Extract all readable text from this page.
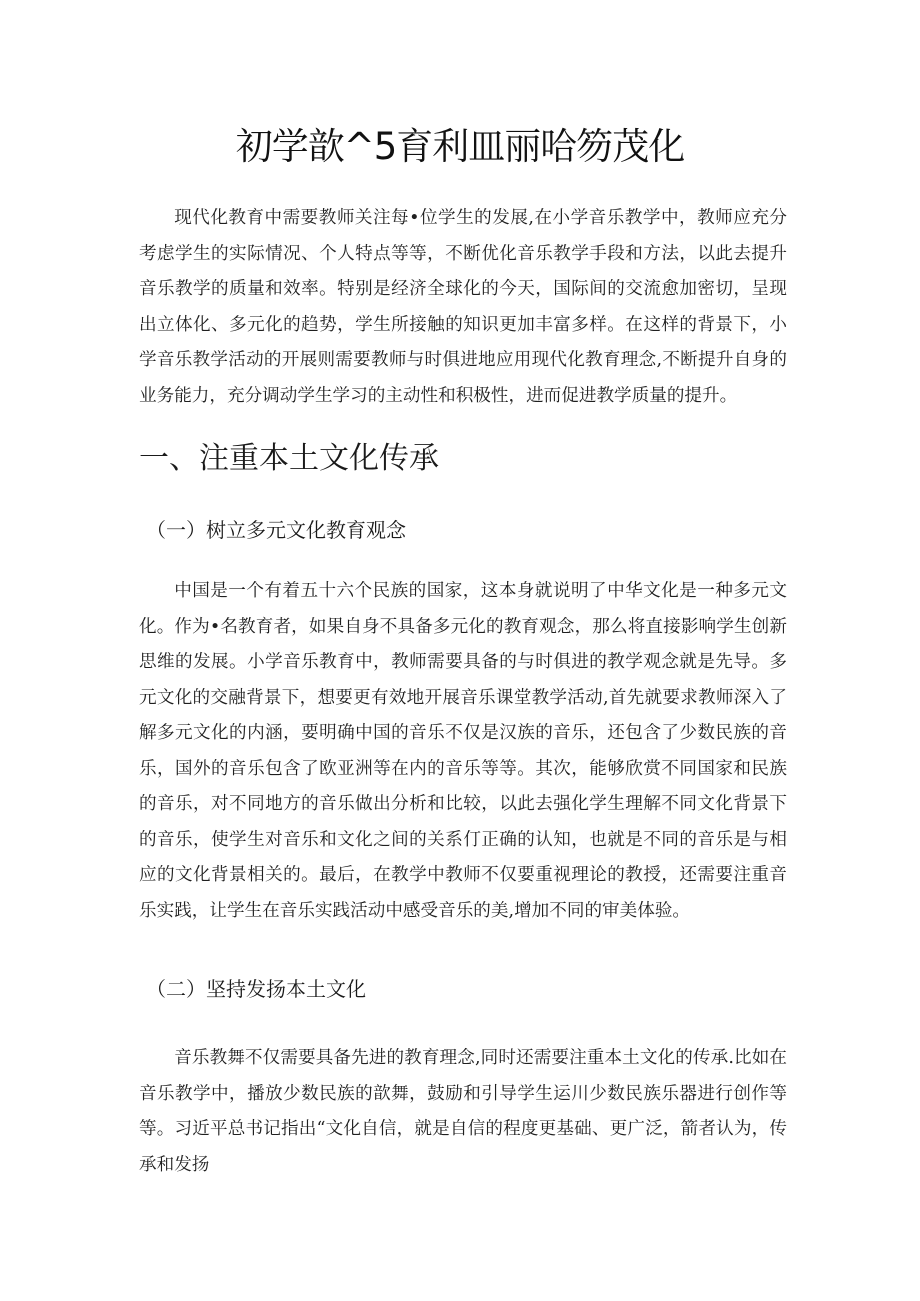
初学歆^5育利皿丽哈笏茂化

现代化教育中需要教师关注每•位学生的发展,在小学音乐教学中，教师应充分考虑学生的实际情况、个人特点等等，不断优化音乐教学手段和方法，以此去提升音乐教学的质量和效率。特别是经济全球化的今天，国际间的交流愈加密切，呈现出立体化、多元化的趋势，学生所接触的知识更加丰富多样。在这样的背景下，小学音乐教学活动的开展则需要教师与时俱进地应用现代化教育理念,不断提升自身的业务能力，充分调动学生学习的主动性和积极性，进而促进教学质量的提升。

一、注重本土文化传承
（一）树立多元文化教育观念

中国是一个有着五十六个民族的国家，这本身就说明了中华文化是一种多元文化。作为•名教育者，如果自身不具备多元化的教育观念，那么将直接影响学生创新思维的发展。小学音乐教育中，教师需要具备的与时俱进的教学观念就是先导。多元文化的交融背景下，想要更有效地开展音乐课堂教学活动,首先就要求教师深入了解多元文化的内涵，要明确中国的音乐不仅是汉族的音乐，还包含了少数民族的音乐，国外的音乐包含了欧亚洲等在内的音乐等等。其次，能够欣赏不同国家和民族的音乐，对不同地方的音乐做出分析和比较，以此去强化学生理解不同文化背景下的音乐，使学生对音乐和文化之间的关系仃正确的认知，也就是不同的音乐是与相应的文化背景相关的。最后，在教学中教师不仅要重视理论的教授，还需要注重音乐实践，让学生在音乐实践活动中感受音乐的美,增加不同的审美体验。

（二）坚持发扬本土文化

音乐教舞不仅需要具备先进的教育理念,同时还需要注重本土文化的传承.比如在音乐教学中，播放少数民族的歆舞，鼓励和引导学生运川少数民族乐器进行创作等等。习近平总书记指出“文化自信，就是自信的程度更基础、更广泛，箭者认为，传承和发扬
